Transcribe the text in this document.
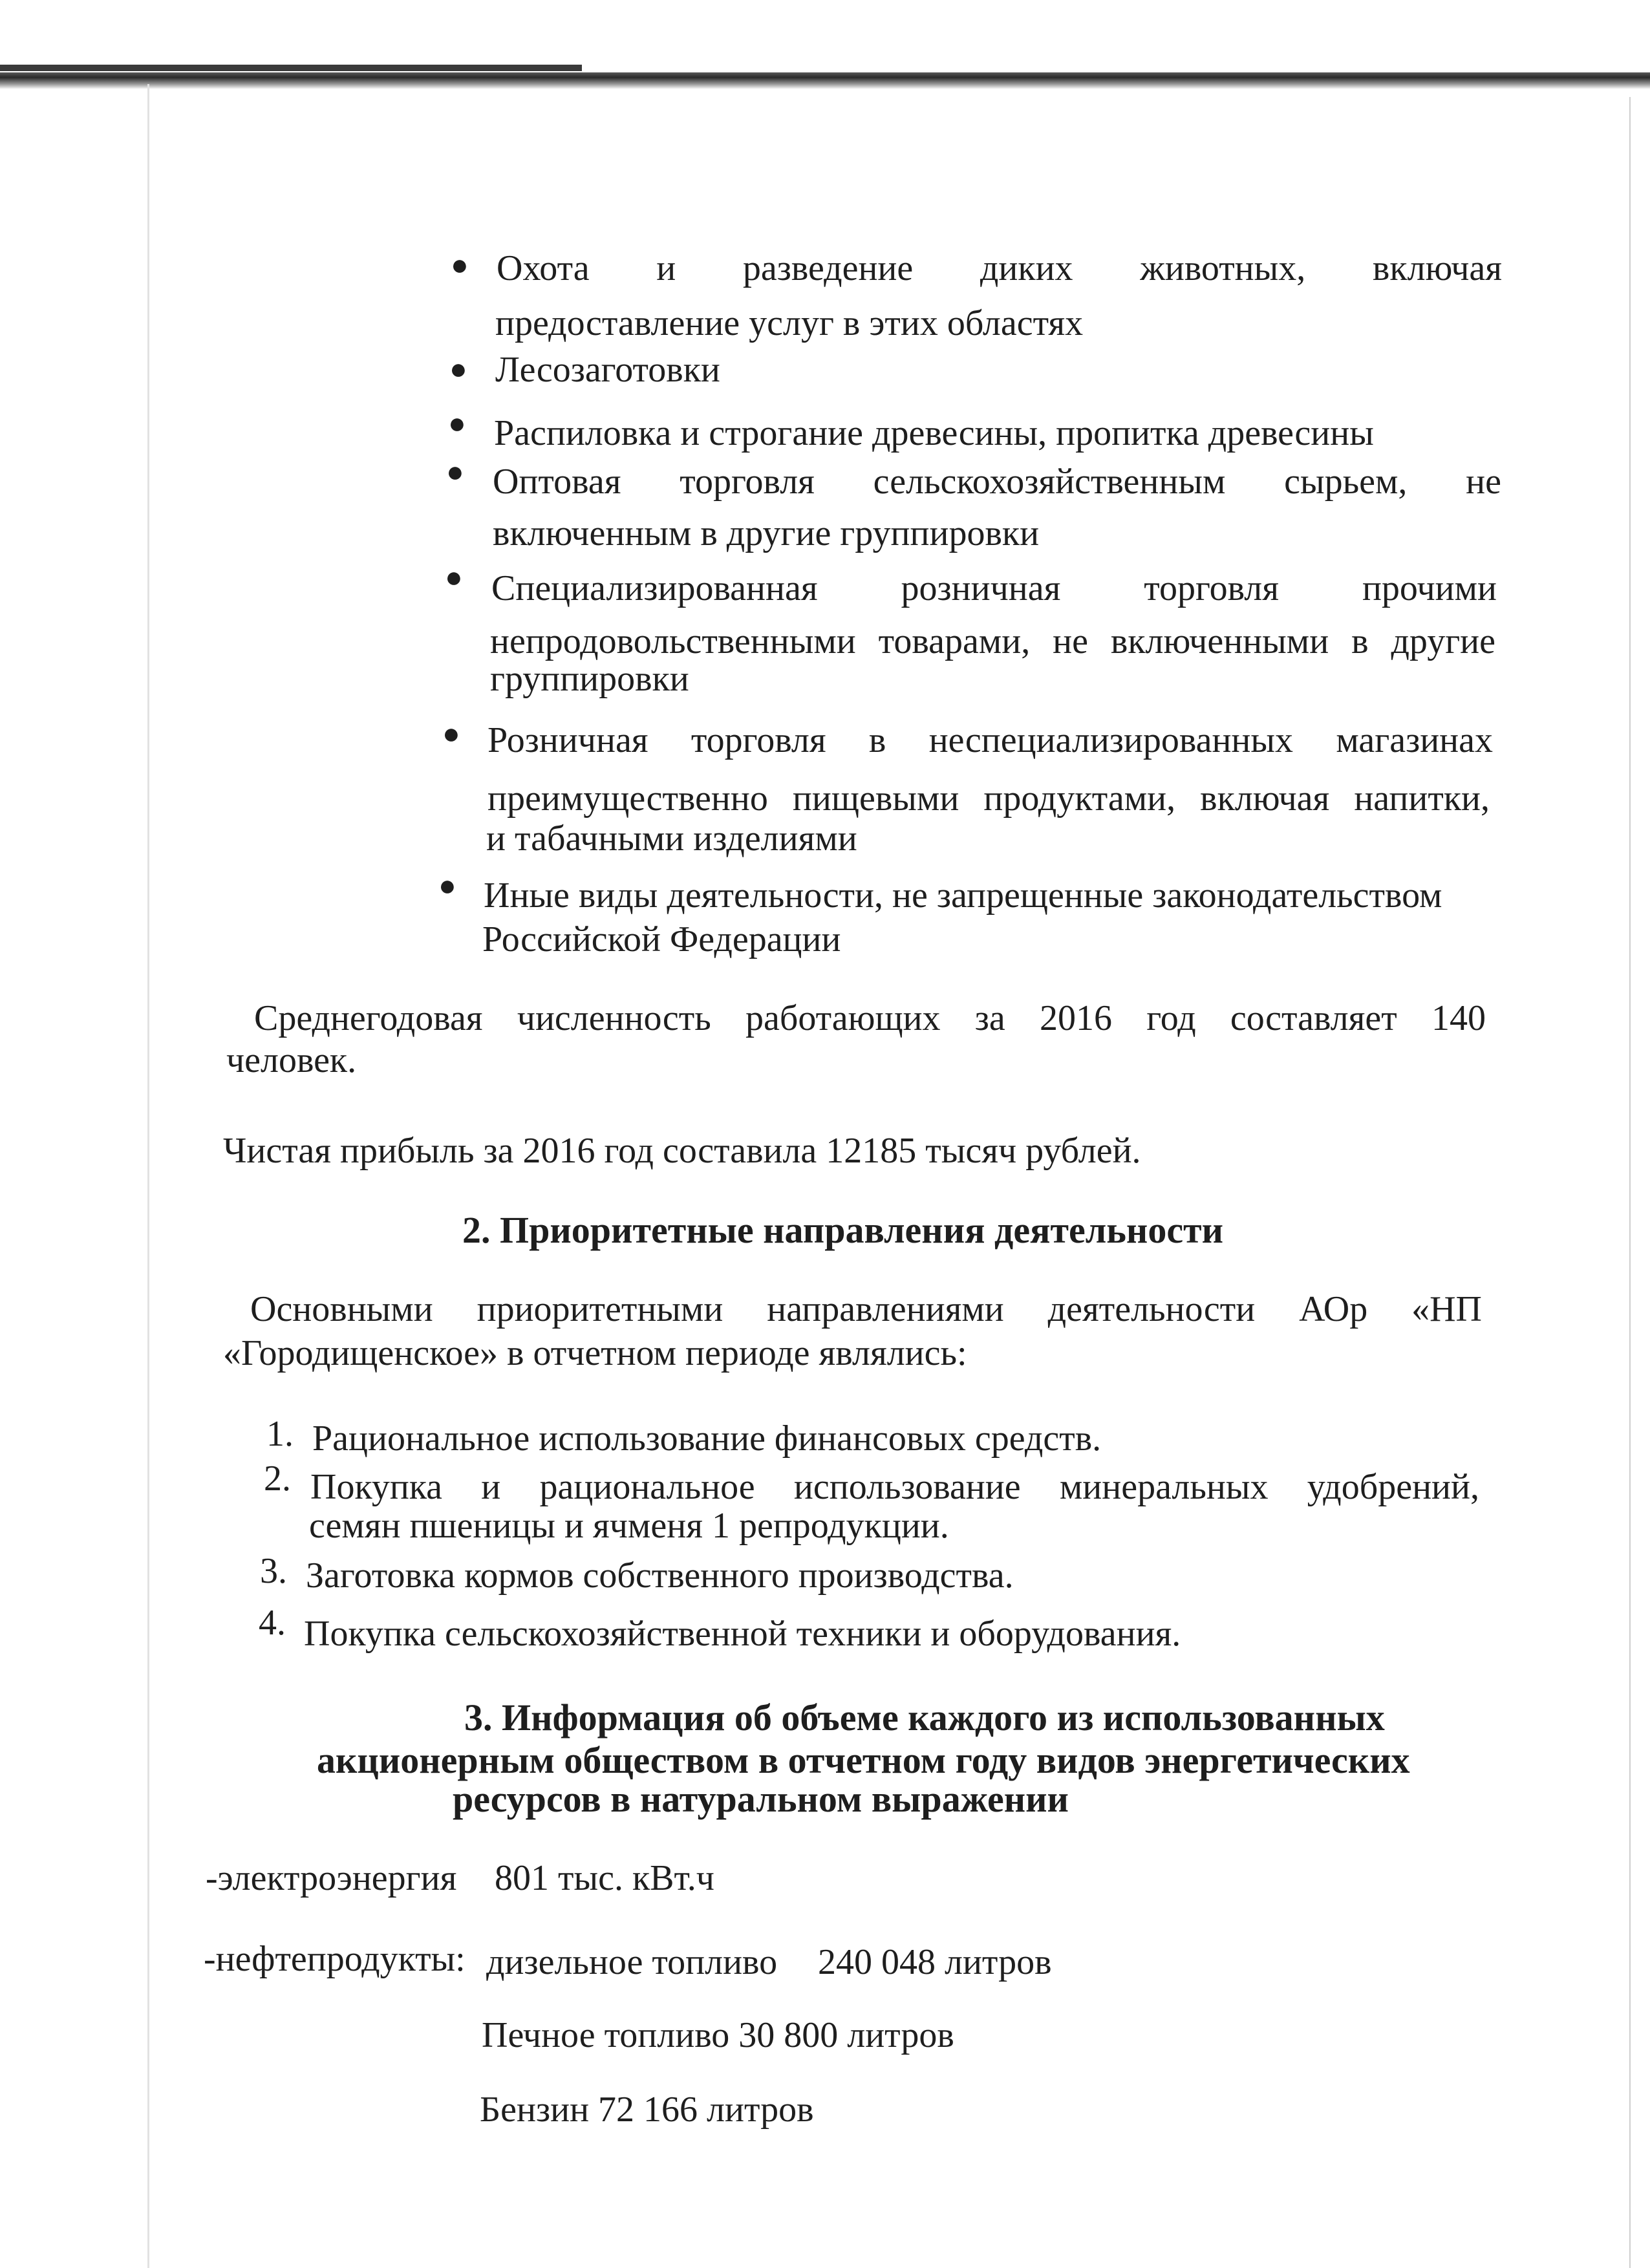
● Охота и разведение диких животных, включая
предоставление услуг в этих областях
● Лесозаготовки
● Распиловка и строгание древесины, пропитка древесины
● Оптовая торговля сельскохозяйственным сырьем, не
включенным в другие группировки
● Специализированная розничная торговля прочими
непродовольственными товарами, не включенными в другие
группировки
● Розничная торговля в неспециализированных магазинах
преимущественно пищевыми продуктами, включая напитки,
и табачными изделиями
● Иные виды деятельности, не запрещенные законодательством
Российской Федерации
Среднегодовая численность работающих за 2016 год составляет 140
человек.
Чистая прибыль за 2016 год составила 12185 тысяч рублей.
2. Приоритетные направления деятельности
Основными приоритетными направлениями деятельности АОр «НП
«Городищенское» в отчетном периоде являлись:
1. Рациональное использование финансовых средств.
2. Покупка и рациональное использование минеральных удобрений,
семян пшеницы и ячменя 1 репродукции.
3. Заготовка кормов собственного производства.
4. Покупка сельскохозяйственной техники и оборудования.
3. Информация об объеме каждого из использованных
акционерным обществом в отчетном году видов энергетических
ресурсов в натуральном выражении
-электроэнергия 801 тыс. кВт.ч
-нефтепродукты: дизельное топливо 240 048 литров
Печное топливо 30 800 литров
Бензин 72 166 литров
